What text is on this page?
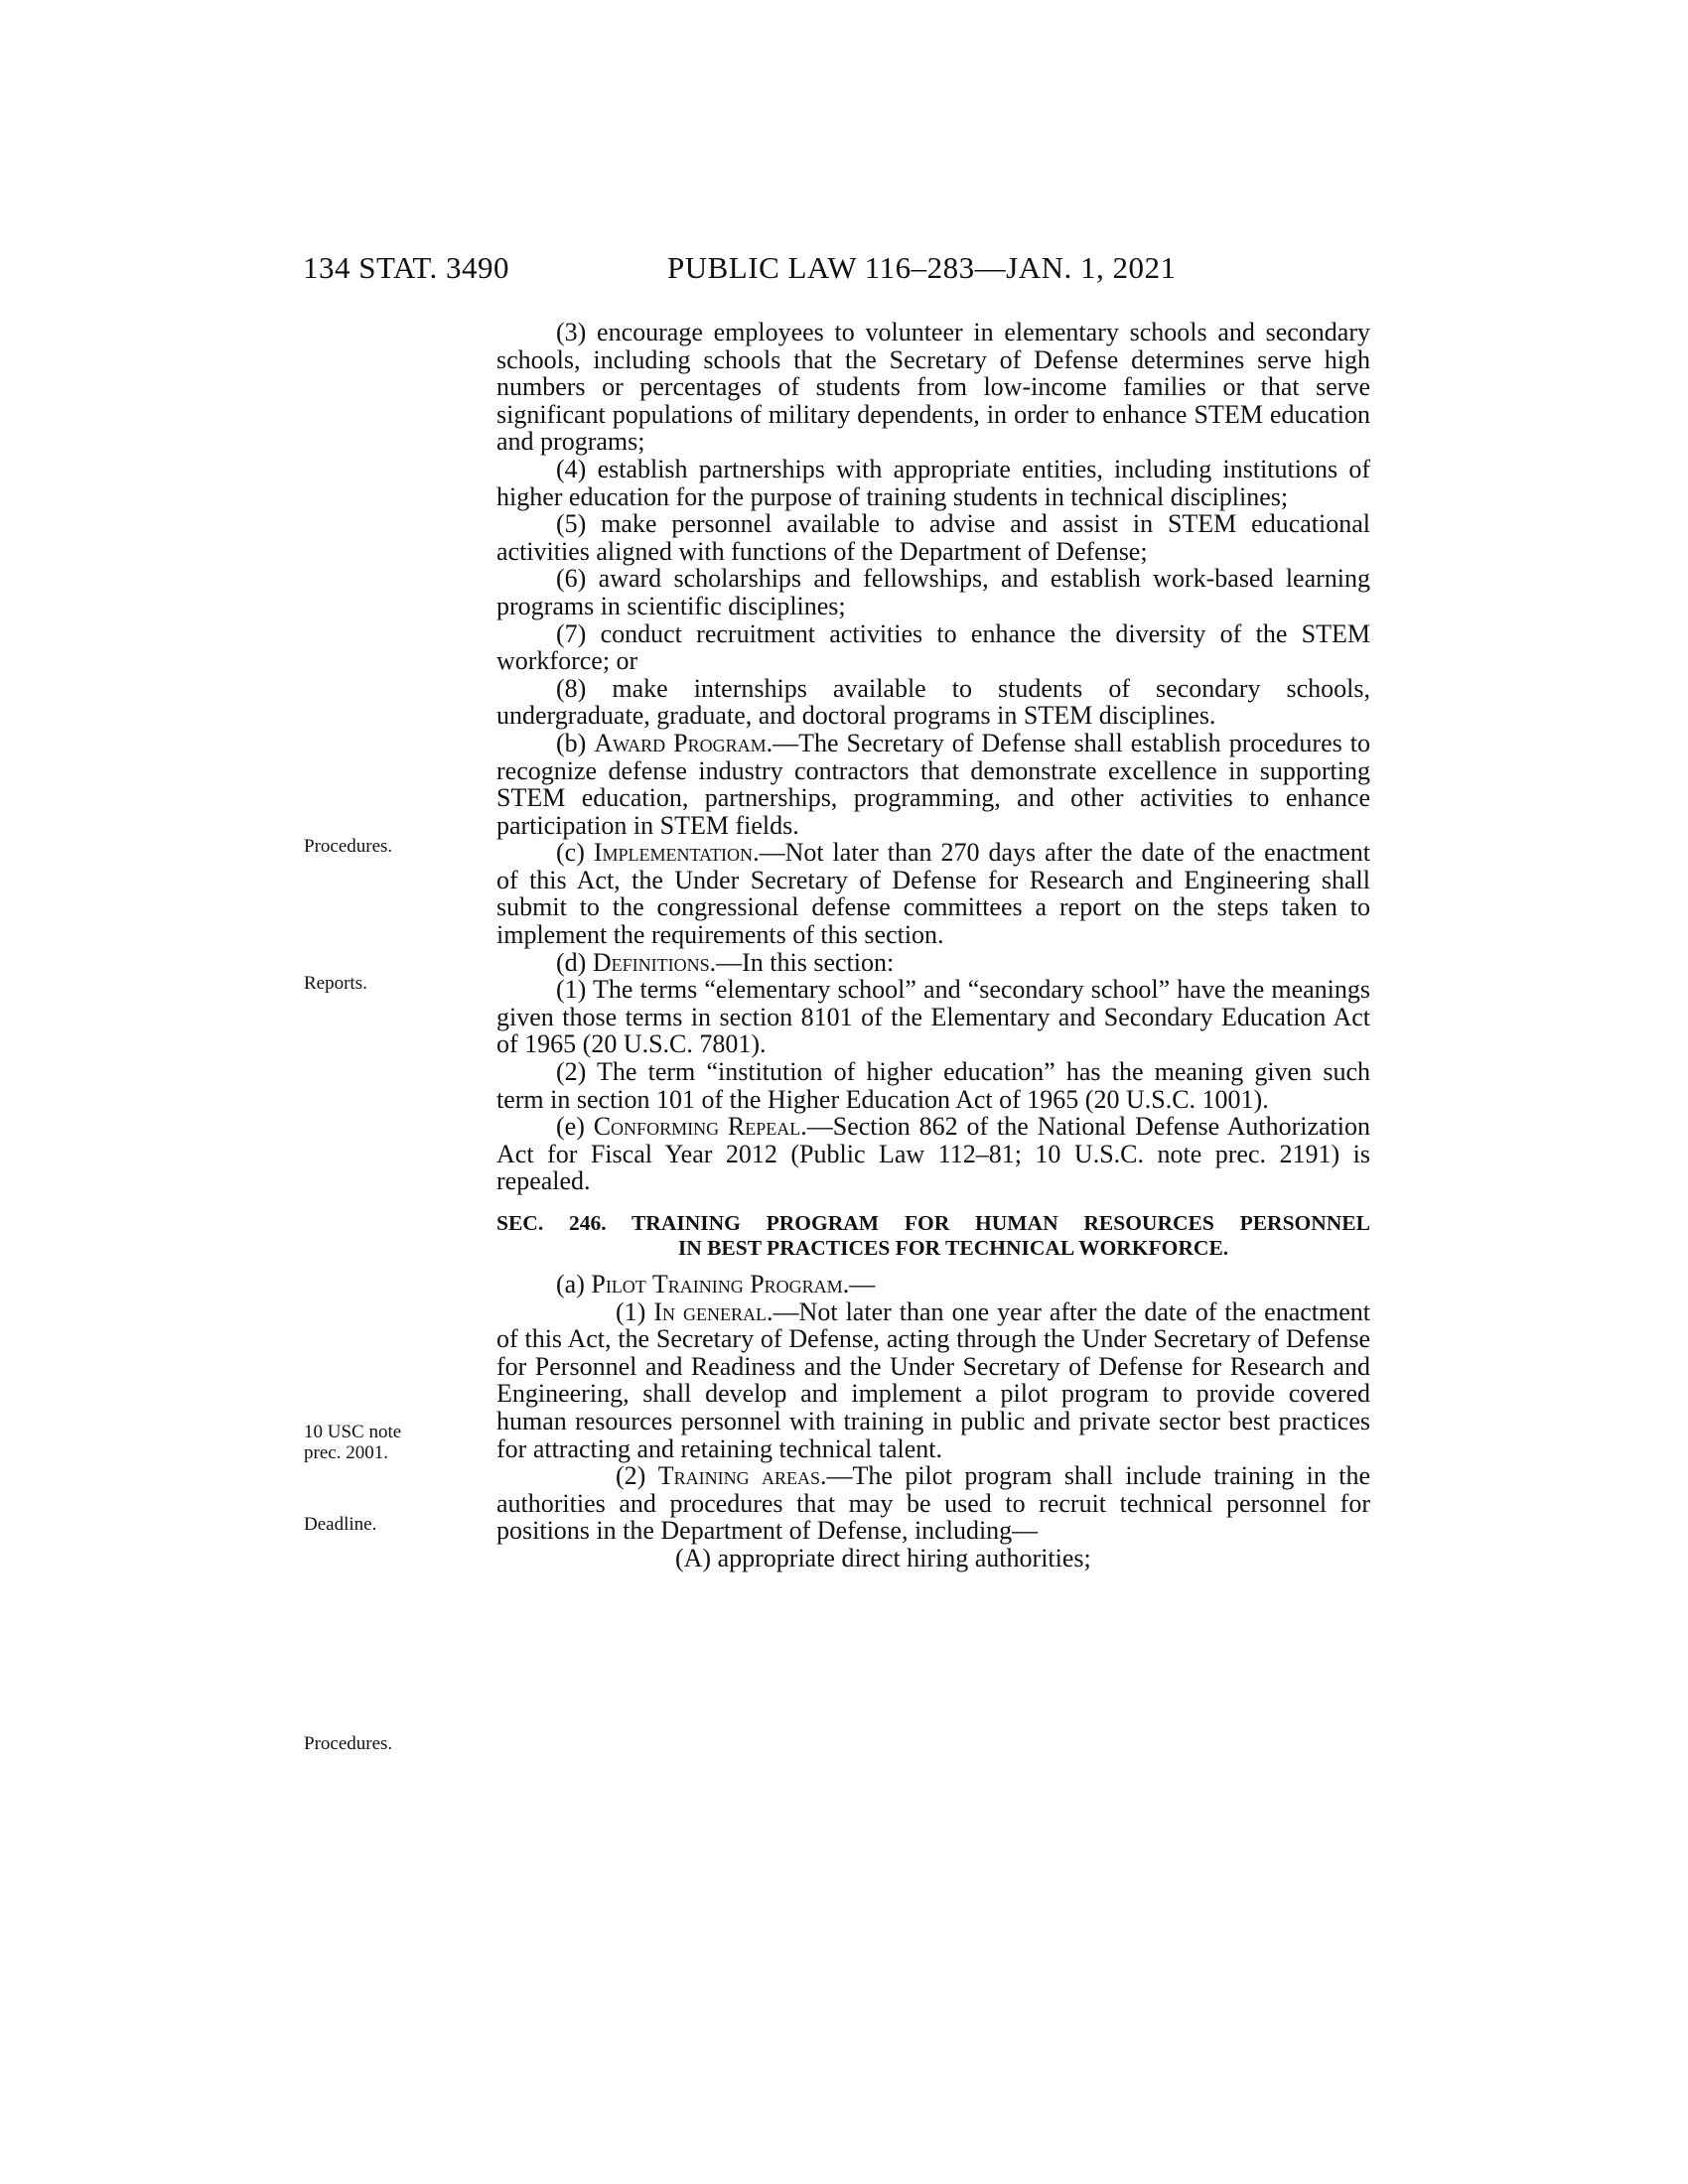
134 STAT. 3490	PUBLIC LAW 116–283—JAN. 1, 2021
Procedures.
Reports.
10 USC note
prec. 2001.
Deadline.
Procedures.

(3) encourage employees to volunteer in elementary schools and secondary schools, including schools that the Secretary of Defense determines serve high numbers or percentages of students from low-income families or that serve significant populations of military dependents, in order to enhance STEM education and programs;

(4) establish partnerships with appropriate entities, including institutions of higher education for the purpose of training students in technical disciplines;

(5) make personnel available to advise and assist in STEM educational activities aligned with functions of the Department of Defense;

(6) award scholarships and fellowships, and establish work-based learning programs in scientific disciplines;

(7) conduct recruitment activities to enhance the diversity of the STEM workforce; or

(8) make internships available to students of secondary schools, undergraduate, graduate, and doctoral programs in STEM disciplines.

(b) Award Program.—The Secretary of Defense shall establish procedures to recognize defense industry contractors that demonstrate excellence in supporting STEM education, partnerships, programming, and other activities to enhance participation in STEM fields.

(c) Implementation.—Not later than 270 days after the date of the enactment of this Act, the Under Secretary of Defense for Research and Engineering shall submit to the congressional defense committees a report on the steps taken to implement the requirements of this section.

(d) Definitions.—In this section:

(1) The terms “elementary school” and “secondary school” have the meanings given those terms in section 8101 of the Elementary and Secondary Education Act of 1965 (20 U.S.C. 7801).

(2) The term “institution of higher education” has the meaning given such term in section 101 of the Higher Education Act of 1965 (20 U.S.C. 1001).

(e) Conforming Repeal.—Section 862 of the National Defense Authorization Act for Fiscal Year 2012 (Public Law 112–81; 10 U.S.C. note prec. 2191) is repealed.

SEC. 246. TRAINING PROGRAM FOR HUMAN RESOURCES PERSONNEL
IN BEST PRACTICES FOR TECHNICAL WORKFORCE.

(a) Pilot Training Program.—

(1) In general.—Not later than one year after the date of the enactment of this Act, the Secretary of Defense, acting through the Under Secretary of Defense for Personnel and Readiness and the Under Secretary of Defense for Research and Engineering, shall develop and implement a pilot program to provide covered human resources personnel with training in public and private sector best practices for attracting and retaining technical talent.

(2) Training areas.—The pilot program shall include training in the authorities and procedures that may be used to recruit technical personnel for positions in the Department of Defense, including—

(A) appropriate direct hiring authorities;
